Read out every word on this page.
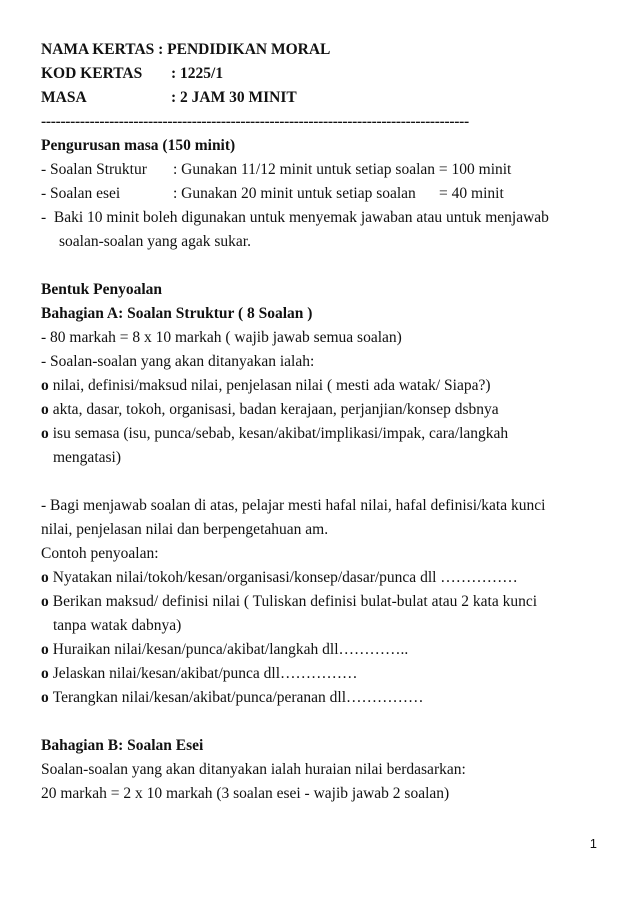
NAMA KERTAS : PENDIDIKAN MORAL
KOD KERTAS : 1225/1
MASA	: 2 JAM 30 MINIT
----------------------------------------------------------------------------------------
Pengurusan masa (150 minit)
- Soalan Struktur : Gunakan 11/12 minit untuk setiap soalan = 100 minit
- Soalan esei	: Gunakan 20 minit untuk setiap soalan      = 40 minit
-  Baki 10 minit boleh digunakan untuk menyemak jawaban atau untuk menjawab
soalan-soalan yang agak sukar.
Bentuk Penyoalan
Bahagian A: Soalan Struktur ( 8 Soalan )
- 80 markah = 8 x 10 markah ( wajib jawab semua soalan)
- Soalan-soalan yang akan ditanyakan ialah:
o nilai, definisi/maksud nilai, penjelasan nilai ( mesti ada watak/ Siapa?)
o akta, dasar, tokoh, organisasi, badan kerajaan, perjanjian/konsep dsbnya
o isu semasa (isu, punca/sebab, kesan/akibat/implikasi/impak, cara/langkah
mengatasi)
- Bagi menjawab soalan di atas, pelajar mesti hafal nilai, hafal definisi/kata kunci
nilai, penjelasan nilai dan berpengetahuan am.
Contoh penyoalan:
o Nyatakan nilai/tokoh/kesan/organisasi/konsep/dasar/punca dll ……………
o Berikan maksud/ definisi nilai ( Tuliskan definisi bulat-bulat atau 2 kata kunci
tanpa watak dabnya)
o Huraikan nilai/kesan/punca/akibat/langkah dll…………..
o Jelaskan nilai/kesan/akibat/punca dll……………
o Terangkan nilai/kesan/akibat/punca/peranan dll……………
Bahagian B: Soalan Esei
Soalan-soalan yang akan ditanyakan ialah huraian nilai berdasarkan:
20 markah = 2 x 10 markah (3 soalan esei - wajib jawab 2 soalan)
1
